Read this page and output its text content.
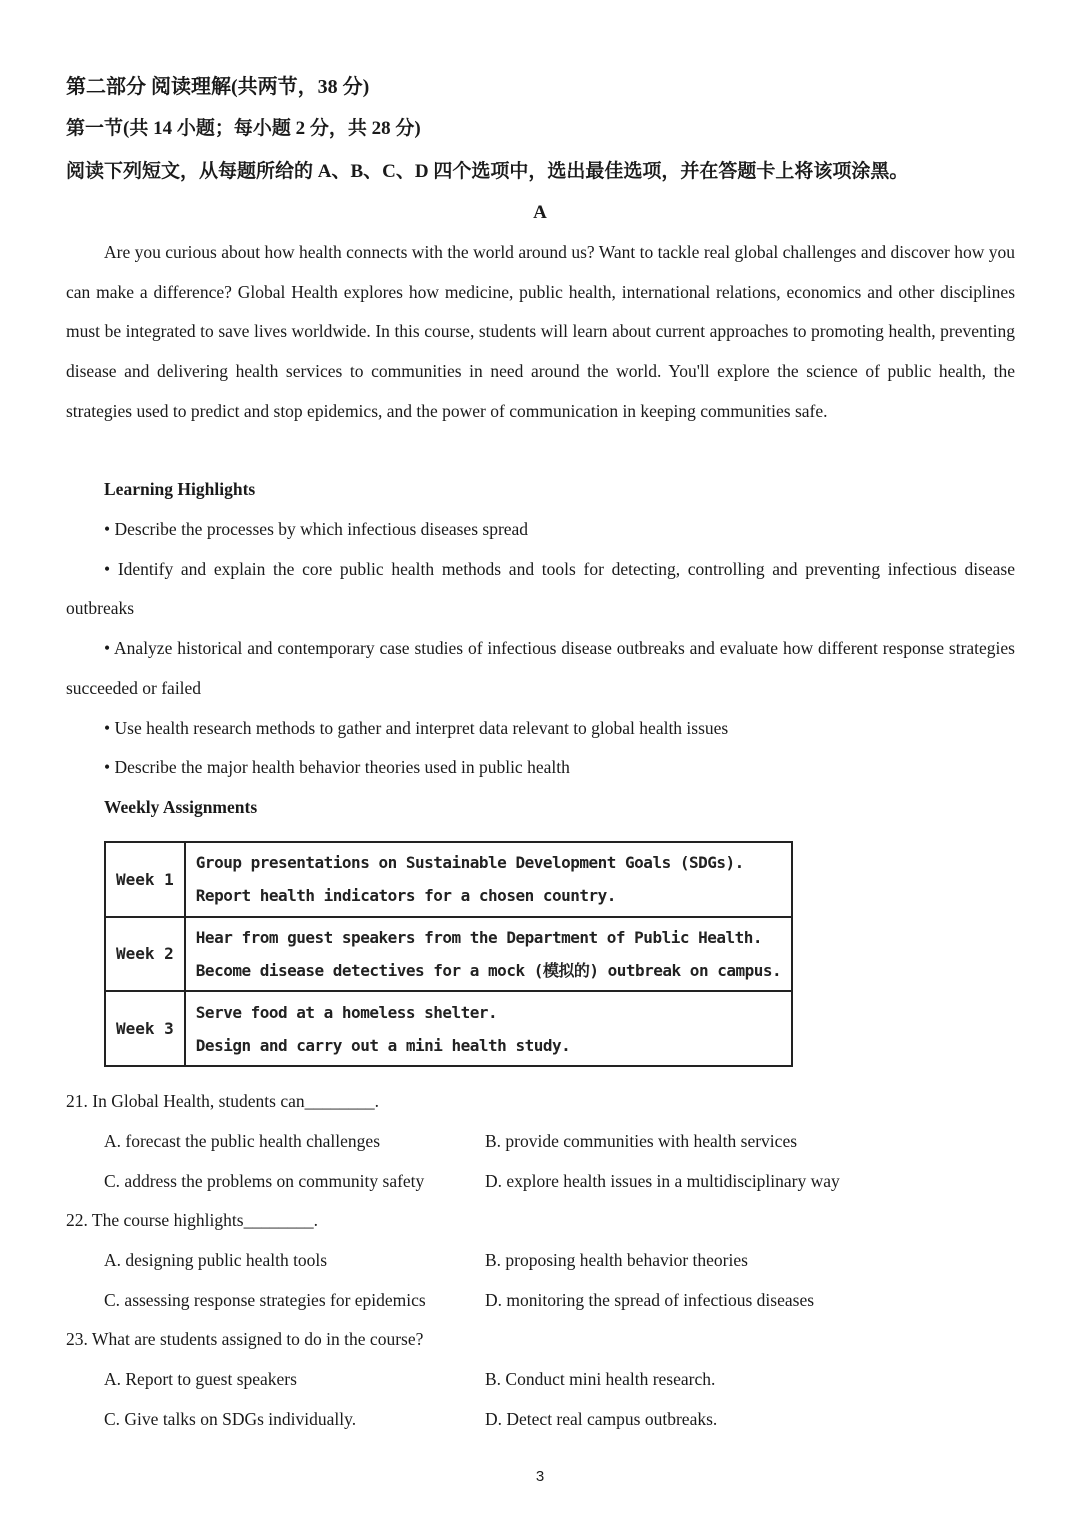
第二部分 阅读理解(共两节，38 分)
第一节(共 14 小题；每小题 2 分，共 28 分)
阅读下列短文，从每题所给的 A、B、C、D 四个选项中，选出最佳选项，并在答题卡上将该项涂黑。
A

Are you curious about how health connects with the world around us? Want to tackle real global challenges and discover how you can make a difference? Global Health explores how medicine, public health, international relations, economics and other disciplines must be integrated to save lives worldwide. In this course, students will learn about current approaches to promoting health, preventing disease and delivering health services to communities in need around the world. You'll explore the science of public health, the strategies used to predict and stop epidemics, and the power of communication in keeping communities safe.

Learning Highlights

• Describe the processes by which infectious diseases spread

• Identify and explain the core public health methods and tools for detecting, controlling and preventing infectious disease outbreaks

• Analyze historical and contemporary case studies of infectious disease outbreaks and evaluate how different response strategies succeeded or failed

• Use health research methods to gather and interpret data relevant to global health issues

• Describe the major health behavior theories used in public health

Weekly Assignments
Week 1	Group presentations on Sustainable Development Goals (SDGs).
Report health indicators for a chosen country.

Week 2	Hear from guest speakers from the Department of Public Health.
Become disease detectives for a mock (模拟的) outbreak on campus.

Week 3	Serve food at a homeless shelter.
Design and carry out a mini health study.
21. In Global Health, students can________.
A. forecast the public health challenges	B. provide communities with health services
C. address the problems on community safety	D. explore health issues in a multidisciplinary way
22. The course highlights________.
A. designing public health tools	B. proposing health behavior theories
C. assessing response strategies for epidemics	D. monitoring the spread of infectious diseases
23. What are students assigned to do in the course?
A. Report to guest speakers	B. Conduct mini health research.
C. Give talks on SDGs individually.	D. Detect real campus outbreaks.
3
